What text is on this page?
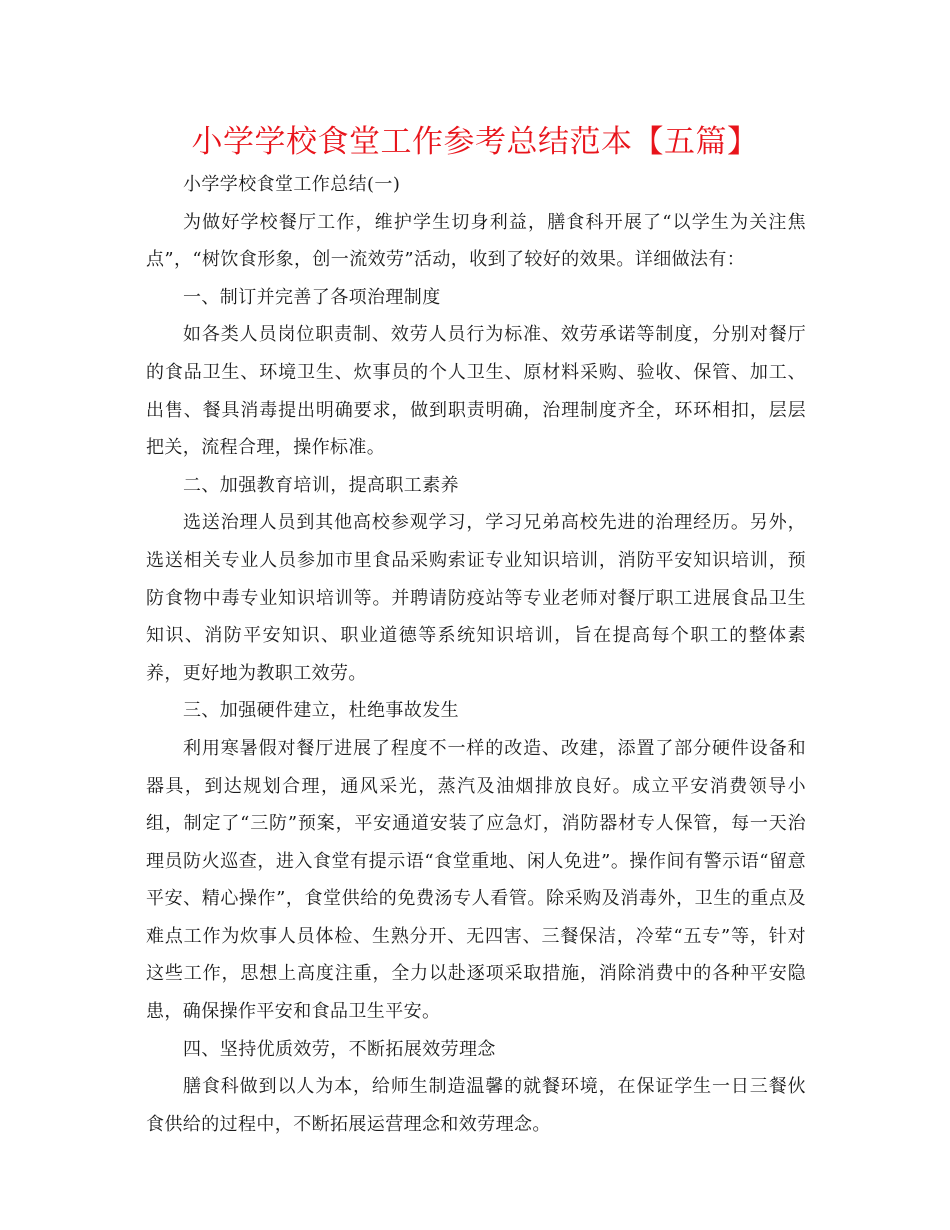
小学学校食堂工作参考总结范本【五篇】

小学学校食堂工作总结(一)

为做好学校餐厅工作，维护学生切身利益，膳食科开展了“以学生为关注焦点”，“树饮食形象，创一流效劳”活动，收到了较好的效果。详细做法有：

一、制订并完善了各项治理制度

如各类人员岗位职责制、效劳人员行为标准、效劳承诺等制度，分别对餐厅的食品卫生、环境卫生、炊事员的个人卫生、原材料采购、验收、保管、加工、出售、餐具消毒提出明确要求，做到职责明确，治理制度齐全，环环相扣，层层把关，流程合理，操作标准。

二、加强教育培训，提高职工素养

选送治理人员到其他高校参观学习，学习兄弟高校先进的治理经历。另外，选送相关专业人员参加市里食品采购索证专业知识培训，消防平安知识培训，预防食物中毒专业知识培训等。并聘请防疫站等专业老师对餐厅职工进展食品卫生知识、消防平安知识、职业道德等系统知识培训，旨在提高每个职工的整体素养，更好地为教职工效劳。

三、加强硬件建立，杜绝事故发生

利用寒暑假对餐厅进展了程度不一样的改造、改建，添置了部分硬件设备和器具，到达规划合理，通风采光，蒸汽及油烟排放良好。成立平安消费领导小组，制定了“三防”预案，平安通道安装了应急灯，消防器材专人保管，每一天治理员防火巡查，进入食堂有提示语“食堂重地、闲人免进”。操作间有警示语“留意平安、精心操作”，食堂供给的免费汤专人看管。除采购及消毒外，卫生的重点及难点工作为炊事人员体检、生熟分开、无四害、三餐保洁，冷荤“五专”等，针对这些工作，思想上高度注重，全力以赴逐项采取措施，消除消费中的各种平安隐患，确保操作平安和食品卫生平安。

四、坚持优质效劳，不断拓展效劳理念

膳食科做到以人为本，给师生制造温馨的就餐环境，在保证学生一日三餐伙食供给的过程中，不断拓展运营理念和效劳理念。
